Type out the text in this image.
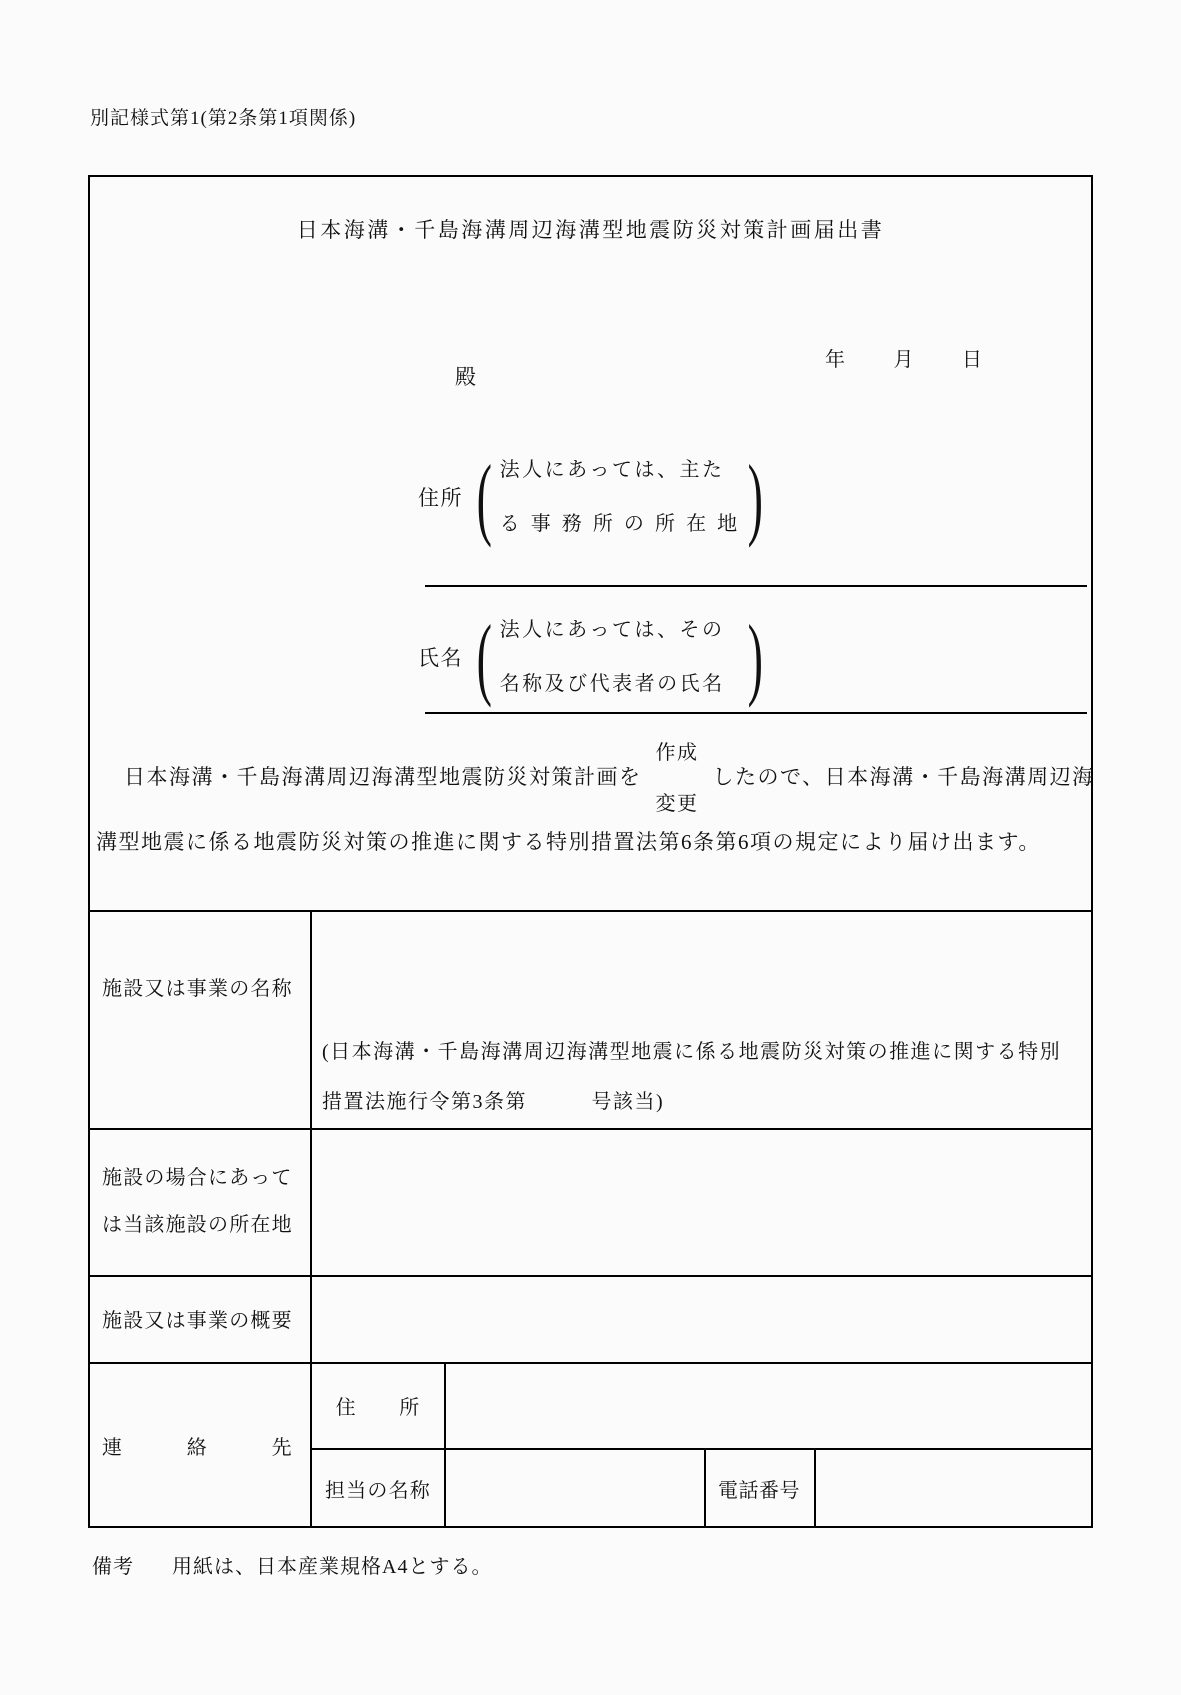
別記様式第1(第2条第1項関係)
日本海溝・千島海溝周辺海溝型地震防災対策計画届出書
年 月 日
殿
住所 ( 法人にあっては、主た
る事務所の所在地 )
氏名 ( 法人にあっては、その
名称及び代表者の氏名 )
日本海溝・千島海溝周辺海溝型地震防災対策計画を
作成
変更
したので、日本海溝・千島海溝周辺海
溝型地震に係る地震防災対策の推進に関する特別措置法第6条第6項の規定により届け出ます。
施設又は事業の名称
(日本海溝・千島海溝周辺海溝型地震に係る地震防災対策の推進に関する特別
措置法施行令第3条第　　　号該当)
施設の場合にあって
は当該施設の所在地
施設又は事業の概要
連　　　絡　　　先
住　　所
担当の名称	電話番号
備考 用紙は、日本産業規格A4とする。
